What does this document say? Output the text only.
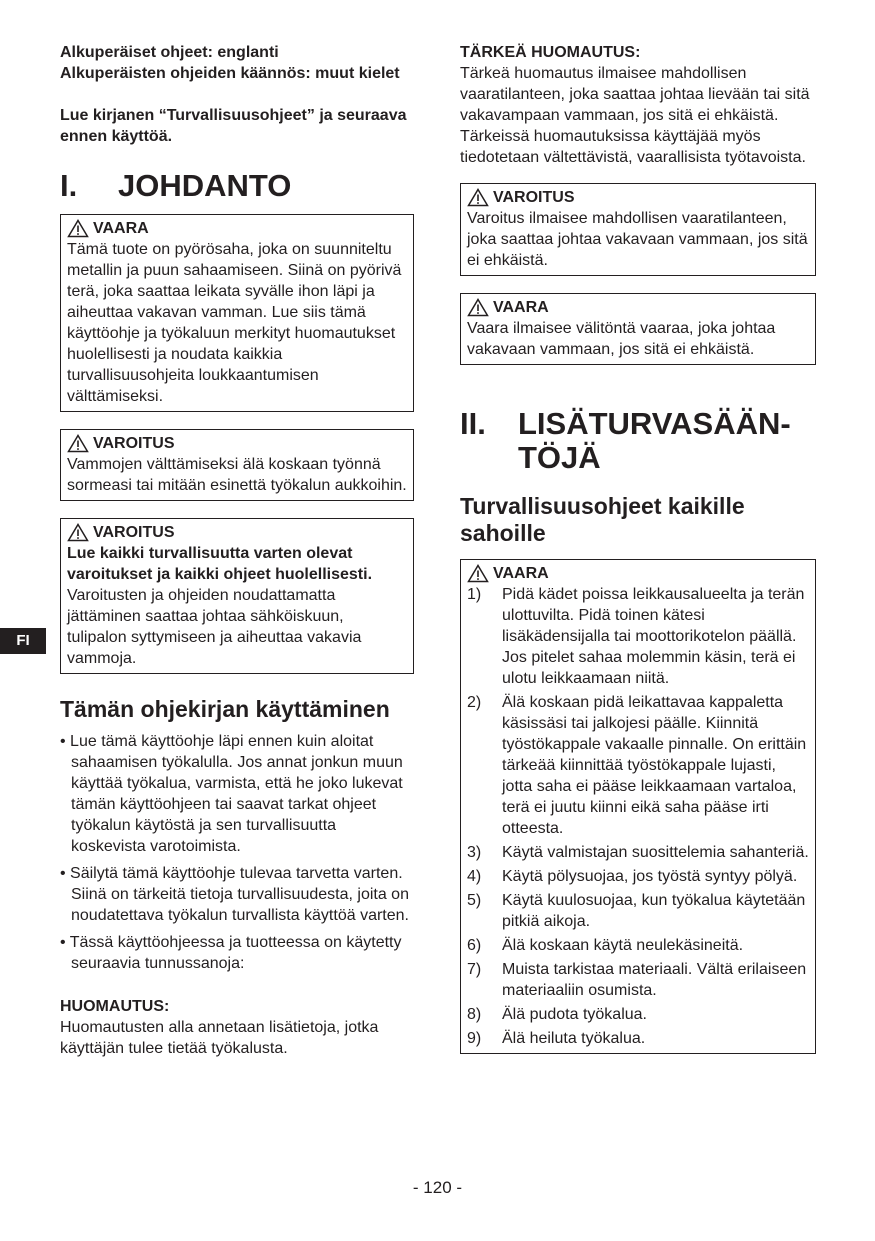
FI

Alkuperäiset ohjeet: englanti

Alkuperäisten ohjeiden käännös: muut kielet

Lue kirjanen “Turvallisuusohjeet” ja seuraava ennen käyttöä.

I.	JOHDANTO
VAARA
Tämä tuote on pyörösaha, joka on suunniteltu metallin ja puun sahaamiseen. Siinä on pyörivä terä, joka saattaa leikata syvälle ihon läpi ja aiheuttaa vakavan vamman. Lue siis tämä käyttöohje ja työkaluun merkityt huomautukset huolellisesti ja noudata kaikkia turvallisuusohjeita loukkaantumisen välttämiseksi.
VAROITUS
Vammojen välttämiseksi älä koskaan työnnä sormeasi tai mitään esinettä työkalun aukkoihin.
VAROITUS
Lue kaikki turvallisuutta varten olevat varoitukset ja kaikki ohjeet huolellisesti.
Varoitusten ja ohjeiden noudattamatta jättäminen saattaa johtaa sähköiskuun, tulipalon syttymiseen ja aiheuttaa vakavia vammoja.
Tämän ohjekirjan käyttäminen

• Lue tämä käyttöohje läpi ennen kuin aloitat sahaamisen työkalulla. Jos annat jonkun muun käyttää työkalua, varmista, että he joko lukevat tämän käyttöohjeen tai saavat tarkat ohjeet työkalun käytöstä ja sen turvallisuutta koskevista varotoimista.

• Säilytä tämä käyttöohje tulevaa tarvetta varten. Siinä on tärkeitä tietoja turvallisuudesta, joita on noudatettava työkalun turvallista käyttöä varten.

• Tässä käyttöohjeessa ja tuotteessa on käytetty seuraavia tunnussanoja:

HUOMAUTUS:

Huomautusten alla annetaan lisätietoja, jotka käyttäjän tulee tietää työkalusta.

TÄRKEÄ HUOMAUTUS:

Tärkeä huomautus ilmaisee mahdollisen vaaratilanteen, joka saattaa johtaa lievään tai sitä vakavampaan vammaan, jos sitä ei ehkäistä. Tärkeissä huomautuksissa käyttäjää myös tiedotetaan vältettävistä, vaarallisista työtavoista.

VAROITUS
Varoitus ilmaisee mahdollisen vaaratilanteen, joka saattaa johtaa vakavaan vammaan, jos sitä ei ehkäistä.
VAARA
Vaara ilmaisee välitöntä vaaraa, joka johtaa vakavaan vammaan, jos sitä ei ehkäistä.
II.	LISÄTURVASÄÄN-
TÖJÄ
Turvallisuusohjeet kaikille sahoille
VAARA
1)	Pidä kädet poissa leikkausalueelta ja terän ulottuvilta. Pidä toinen kätesi lisäkädensijalla tai moottorikotelon päällä. Jos pitelet sahaa molemmin käsin, terä ei ulotu leikkaamaan niitä.
2)	Älä koskaan pidä leikattavaa kappaletta käsissäsi tai jalkojesi päälle. Kiinnitä työstökappale vakaalle pinnalle. On erittäin tärkeää kiinnittää työstökappale lujasti, jotta saha ei pääse leikkaamaan vartaloa, terä ei juutu kiinni eikä saha pääse irti otteesta.
3)	Käytä valmistajan suosittelemia sahanteriä.
4)	Käytä pölysuojaa, jos työstä syntyy pölyä.
5)	Käytä kuulosuojaa, kun työkalua käytetään pitkiä aikoja.
6)	Älä koskaan käytä neulekäsineitä.
7)	Muista tarkistaa materiaali. Vältä erilaiseen materiaaliin osumista.
8)	Älä pudota työkalua.
9)	Älä heiluta työkalua.
- 120 -
